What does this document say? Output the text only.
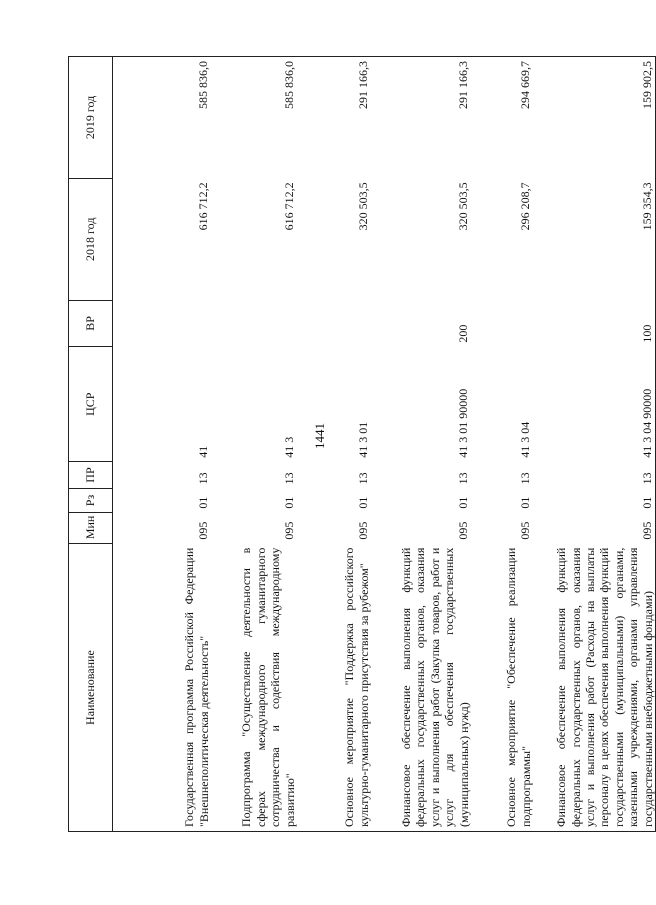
1441
Наименование	Мин	Рз	ПР	ЦСР	ВР	2018 год	2019 год
Государственная программа Российской Федерации "Внешнеполитическая деятельность"	095	01	13	41		616 712,2	585 836,0
Подпрограмма "Осуществление деятельности в сферах международного гуманитарного сотрудничества и содействия международному развитию"	095	01	13	41 3		616 712,2	585 836,0
Основное мероприятие "Поддержка российского культурно-гуманитарного присутствия за рубежом"	095	01	13	41 3 01		320 503,5	291 166,3
Финансовое обеспечение выполнения функций федеральных государственных органов, оказания услуг и выполнения работ (Закупка товаров, работ и услуг для обеспечения государственных (муниципальных) нужд)	095	01	13	41 3 01 90000	200	320 503,5	291 166,3
Основное мероприятие "Обеспечение реализации подпрограммы"	095	01	13	41 3 04		296 208,7	294 669,7
Финансовое обеспечение выполнения функций федеральных государственных органов, оказания услуг и выполнения работ (Расходы на выплаты персоналу в целях обеспечения выполнения функций государственными (муниципальными) органами, казенными учреждениями, органами управления государственными внебюджетными фондами)	095	01	13	41 3 04 90000	100	159 354,3	159 902,5
